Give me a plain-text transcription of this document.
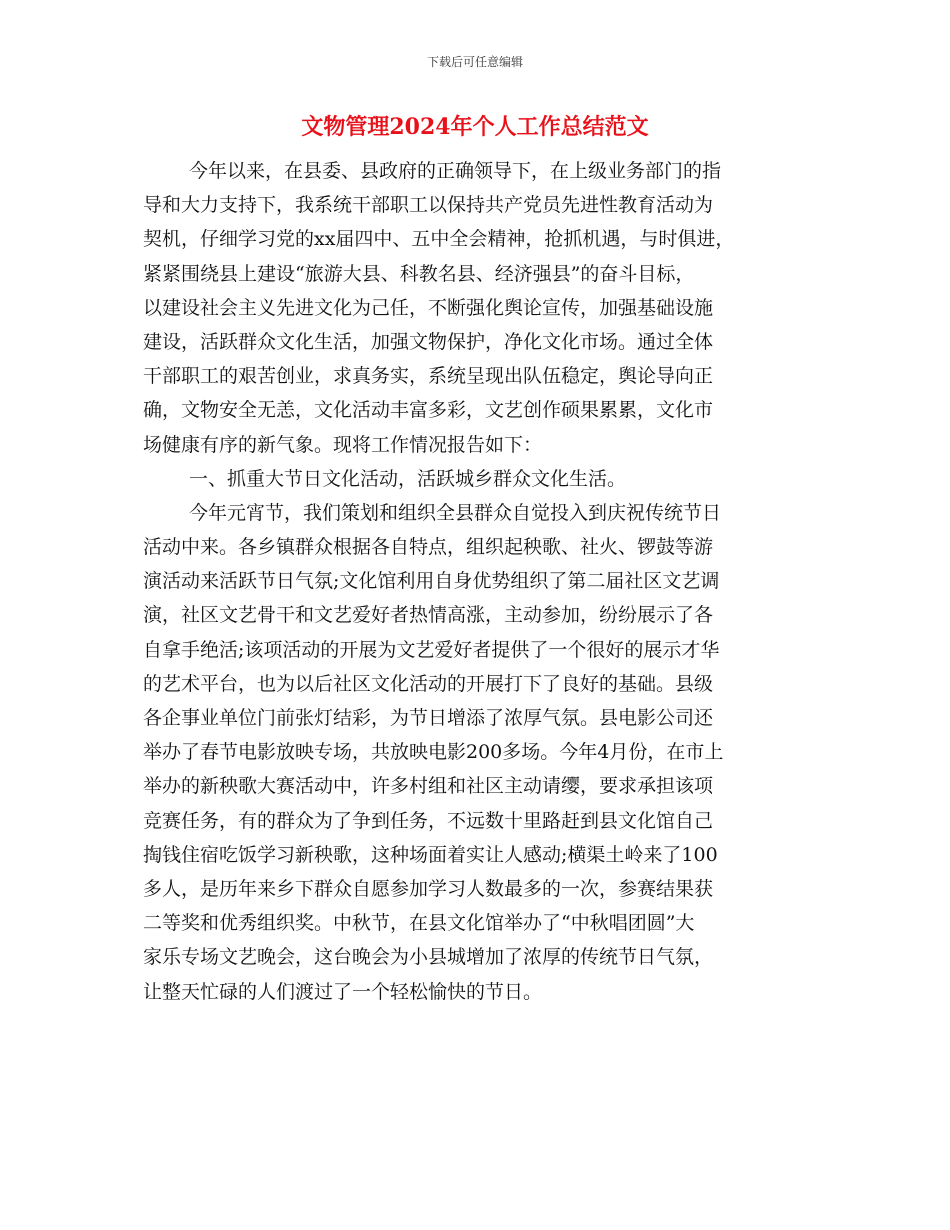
下载后可任意编辑
文物管理2024年个人工作总结范文

今年以来，在县委、县政府的正确领导下，在上级业务部门的指
导和大力支持下，我系统干部职工以保持共产党员先进性教育活动为
契机，仔细学习党的xx届四中、五中全会精神，抢抓机遇，与时俱进，
紧紧围绕县上建设“旅游大县、科教名县、经济强县”的奋斗目标，
以建设社会主义先进文化为己任，不断强化舆论宣传，加强基础设施
建设，活跃群众文化生活，加强文物保护，净化文化市场。通过全体
干部职工的艰苦创业，求真务实，系统呈现出队伍稳定，舆论导向正
确，文物安全无恙，文化活动丰富多彩，文艺创作硕果累累，文化市
场健康有序的新气象。现将工作情况报告如下：

一、抓重大节日文化活动，活跃城乡群众文化生活。

今年元宵节，我们策划和组织全县群众自觉投入到庆祝传统节日
活动中来。各乡镇群众根据各自特点，组织起秧歌、社火、锣鼓等游
演活动来活跃节日气氛;文化馆利用自身优势组织了第二届社区文艺调
演，社区文艺骨干和文艺爱好者热情高涨，主动参加，纷纷展示了各
自拿手绝活;该项活动的开展为文艺爱好者提供了一个很好的展示才华
的艺术平台，也为以后社区文化活动的开展打下了良好的基础。县级
各企事业单位门前张灯结彩，为节日增添了浓厚气氛。县电影公司还
举办了春节电影放映专场，共放映电影200多场。今年4月份，在市上
举办的新秧歌大赛活动中，许多村组和社区主动请缨，要求承担该项
竞赛任务，有的群众为了争到任务，不远数十里路赶到县文化馆自己
掏钱住宿吃饭学习新秧歌，这种场面着实让人感动;横渠土岭来了100
多人，是历年来乡下群众自愿参加学习人数最多的一次，参赛结果获
二等奖和优秀组织奖。中秋节，在县文化馆举办了“中秋唱团圆”大
家乐专场文艺晚会，这台晚会为小县城增加了浓厚的传统节日气氛，
让整天忙碌的人们渡过了一个轻松愉快的节日。
